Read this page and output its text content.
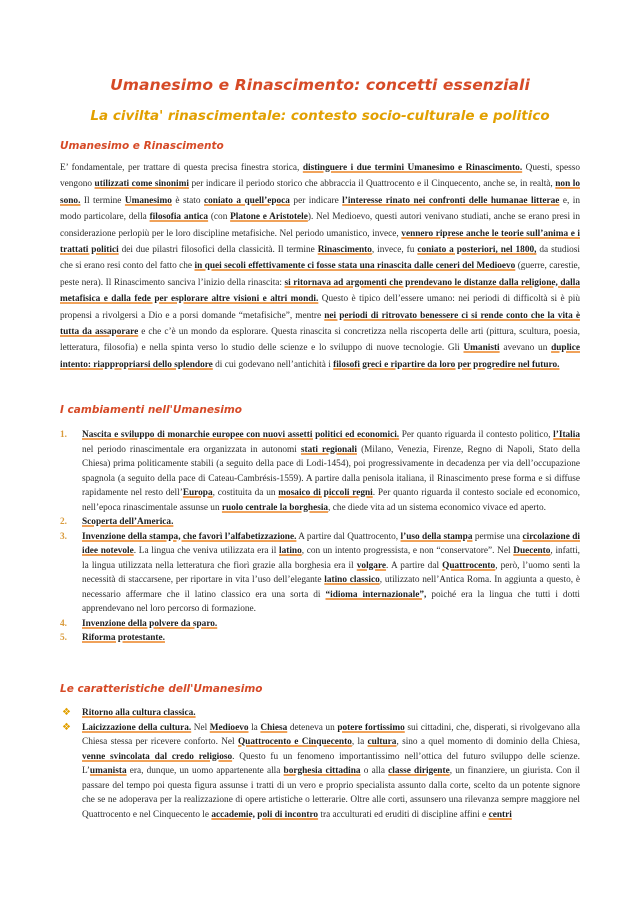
Umanesimo e Rinascimento: concetti essenziali
La civilta' rinascimentale: contesto socio-culturale e politico
Umanesimo e Rinascimento
E’ fondamentale, per trattare di questa precisa finestra storica, distinguere i due termini Umanesimo e Rinascimento. Questi, spesso vengono utilizzati come sinonimi per indicare il periodo storico che abbraccia il Quattrocento e il Cinquecento, anche se, in realtà, non lo sono. Il termine Umanesimo è stato coniato a quell’epoca per indicare l’interesse rinato nei confronti delle humanae litterae e, in modo particolare, della filosofia antica (con Platone e Aristotele). Nel Medioevo, questi autori venivano studiati, anche se erano presi in considerazione perlopiù per le loro discipline metafisiche. Nel periodo umanistico, invece, vennero riprese anche le teorie sull’anima e i trattati politici dei due pilastri filosofici della classicità. Il termine Rinascimento, invece, fu coniato a posteriori, nel 1800, da studiosi che si erano resi conto del fatto che in quei secoli effettivamente ci fosse stata una rinascita dalle ceneri del Medioevo (guerre, carestie, peste nera). Il Rinascimento sanciva l’inizio della rinascita: si ritornava ad argomenti che prendevano le distanze dalla religione, dalla metafisica e dalla fede per esplorare altre visioni e altri mondi. Questo è tipico dell’essere umano: nei periodi di difficoltà si è più propensi a rivolgersi a Dio e a porsi domande “metafisiche”, mentre nei periodi di ritrovato benessere ci si rende conto che la vita è tutta da assaporare e che c’è un mondo da esplorare. Questa rinascita si concretizza nella riscoperta delle arti (pittura, scultura, poesia, letteratura, filosofia) e nella spinta verso lo studio delle scienze e lo sviluppo di nuove tecnologie. Gli Umanisti avevano un duplice intento: riappropriarsi dello splendore di cui godevano nell’antichità i filosofi greci e ripartire da loro per progredire nel futuro.
I cambiamenti nell'Umanesimo
1. Nascita e sviluppo di monarchie europee con nuovi assetti politici ed economici. Per quanto riguarda il contesto politico, l’Italia nel periodo rinascimentale era organizzata in autonomi stati regionali (Milano, Venezia, Firenze, Regno di Napoli, Stato della Chiesa) prima politicamente stabili (a seguito della pace di Lodi-1454), poi progressivamente in decadenza per via dell’occupazione spagnola (a seguito della pace di Cateau-Cambrésis-1559). A partire dalla penisola italiana, il Rinascimento prese forma e si diffuse rapidamente nel resto dell’Europa, costituita da un mosaico di piccoli regni. Per quanto riguarda il contesto sociale ed economico, nell’epoca rinascimentale assunse un ruolo centrale la borghesia, che diede vita ad un sistema economico vivace ed aperto.
2. Scoperta dell’America.
3. Invenzione della stampa, che favorì l’alfabetizzazione. A partire dal Quattrocento, l’uso della stampa permise una circolazione di idee notevole. La lingua che veniva utilizzata era il latino, con un intento progressista, e non “conservatore”. Nel Duecento, infatti, la lingua utilizzata nella letteratura che fiorì grazie alla borghesia era il volgare. A partire dal Quattrocento, però, l’uomo sentì la necessità di staccarsene, per riportare in vita l’uso dell’elegante latino classico, utilizzato nell’Antica Roma. In aggiunta a questo, è necessario affermare che il latino classico era una sorta di “idioma internazionale”, poiché era la lingua che tutti i dotti apprendevano nel loro percorso di formazione.
4. Invenzione della polvere da sparo.
5. Riforma protestante.
Le caratteristiche dell'Umanesimo
❖ Ritorno alla cultura classica.
❖ Laicizzazione della cultura. Nel Medioevo la Chiesa deteneva un potere fortissimo sui cittadini, che, disperati, si rivolgevano alla Chiesa stessa per ricevere conforto. Nel Quattrocento e Cinquecento, la cultura, sino a quel momento di dominio della Chiesa, venne svincolata dal credo religioso. Questo fu un fenomeno importantissimo nell’ottica del futuro sviluppo delle scienze. L’umanista era, dunque, un uomo appartenente alla borghesia cittadina o alla classe dirigente, un finanziere, un giurista. Con il passare del tempo poi questa figura assunse i tratti di un vero e proprio specialista assunto dalla corte, scelto da un potente signore che se ne adoperava per la realizzazione di opere artistiche o letterarie. Oltre alle corti, assunsero una rilevanza sempre maggiore nel Quattrocento e nel Cinquecento le accademie, poli di incontro tra acculturati ed eruditi di discipline affini e centri
